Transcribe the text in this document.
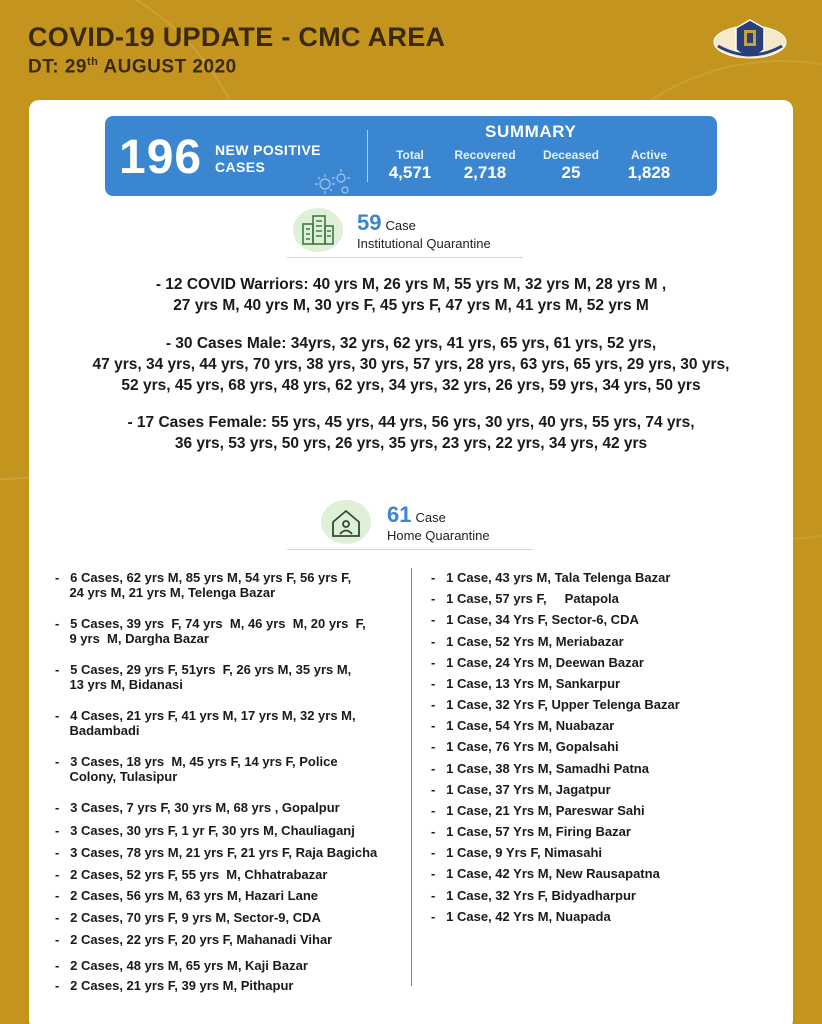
COVID-19 UPDATE - CMC AREA
DT: 29th AUGUST 2020
196 NEW POSITIVE
CASES
SUMMARY
Total
4,571
Recovered
2,718
Deceased
25
Active
1,828
59 Case
Institutional Quarantine
- 12 COVID Warriors: 40 yrs M, 26 yrs M, 55 yrs M, 32 yrs M, 28 yrs M ,
27 yrs M, 40 yrs M, 30 yrs F, 45 yrs F, 47 yrs M, 41 yrs M, 52 yrs M
- 30 Cases Male: 34yrs, 32 yrs, 62 yrs, 41 yrs, 65 yrs, 61 yrs, 52 yrs,
47 yrs, 34 yrs, 44 yrs, 70 yrs, 38 yrs, 30 yrs, 57 yrs, 28 yrs, 63 yrs, 65 yrs, 29 yrs, 30 yrs,
52 yrs, 45 yrs, 68 yrs, 48 yrs, 62 yrs, 34 yrs, 32 yrs, 26 yrs, 59 yrs, 34 yrs, 50 yrs
- 17 Cases Female: 55 yrs, 45 yrs, 44 yrs, 56 yrs, 30 yrs, 40 yrs, 55 yrs, 74 yrs,
36 yrs, 53 yrs, 50 yrs, 26 yrs, 35 yrs, 23 yrs, 22 yrs, 34 yrs, 42 yrs
61 Case
Home Quarantine
-   6 Cases, 62 yrs M, 85 yrs M, 54 yrs F, 56 yrs F,
24 yrs M, 21 yrs M, Telenga Bazar
-   5 Cases, 39 yrs  F, 74 yrs  M, 46 yrs  M, 20 yrs  F,
9 yrs  M, Dargha Bazar
-   5 Cases, 29 yrs F, 51yrs  F, 26 yrs M, 35 yrs M,
13 yrs M, Bidanasi
-   4 Cases, 21 yrs F, 41 yrs M, 17 yrs M, 32 yrs M,
Badambadi
-   3 Cases, 18 yrs  M, 45 yrs F, 14 yrs F, Police
Colony, Tulasipur
-   3 Cases, 7 yrs F, 30 yrs M, 68 yrs , Gopalpur
-   3 Cases, 30 yrs F, 1 yr F, 30 yrs M, Chauliaganj
-   3 Cases, 78 yrs M, 21 yrs F, 21 yrs F, Raja Bagicha
-   2 Cases, 52 yrs F, 55 yrs  M, Chhatrabazar
-   2 Cases, 56 yrs M, 63 yrs M, Hazari Lane
-   2 Cases, 70 yrs F, 9 yrs M, Sector-9, CDA
-   2 Cases, 22 yrs F, 20 yrs F, Mahanadi Vihar
-   2 Cases, 48 yrs M, 65 yrs M, Kaji Bazar
-   2 Cases, 21 yrs F, 39 yrs M, Pithapur
-   1 Case, 43 yrs M, Tala Telenga Bazar
-   1 Case, 57 yrs F,     Patapola
-   1 Case, 34 Yrs F, Sector-6, CDA
-   1 Case, 52 Yrs M, Meriabazar
-   1 Case, 24 Yrs M, Deewan Bazar
-   1 Case, 13 Yrs M, Sankarpur
-   1 Case, 32 Yrs F, Upper Telenga Bazar
-   1 Case, 54 Yrs M, Nuabazar
-   1 Case, 76 Yrs M, Gopalsahi
-   1 Case, 38 Yrs M, Samadhi Patna
-   1 Case, 37 Yrs M, Jagatpur
-   1 Case, 21 Yrs M, Pareswar Sahi
-   1 Case, 57 Yrs M, Firing Bazar
-   1 Case, 9 Yrs F, Nimasahi
-   1 Case, 42 Yrs M, New Rausapatna
-   1 Case, 32 Yrs F, Bidyadharpur
-   1 Case, 42 Yrs M, Nuapada
